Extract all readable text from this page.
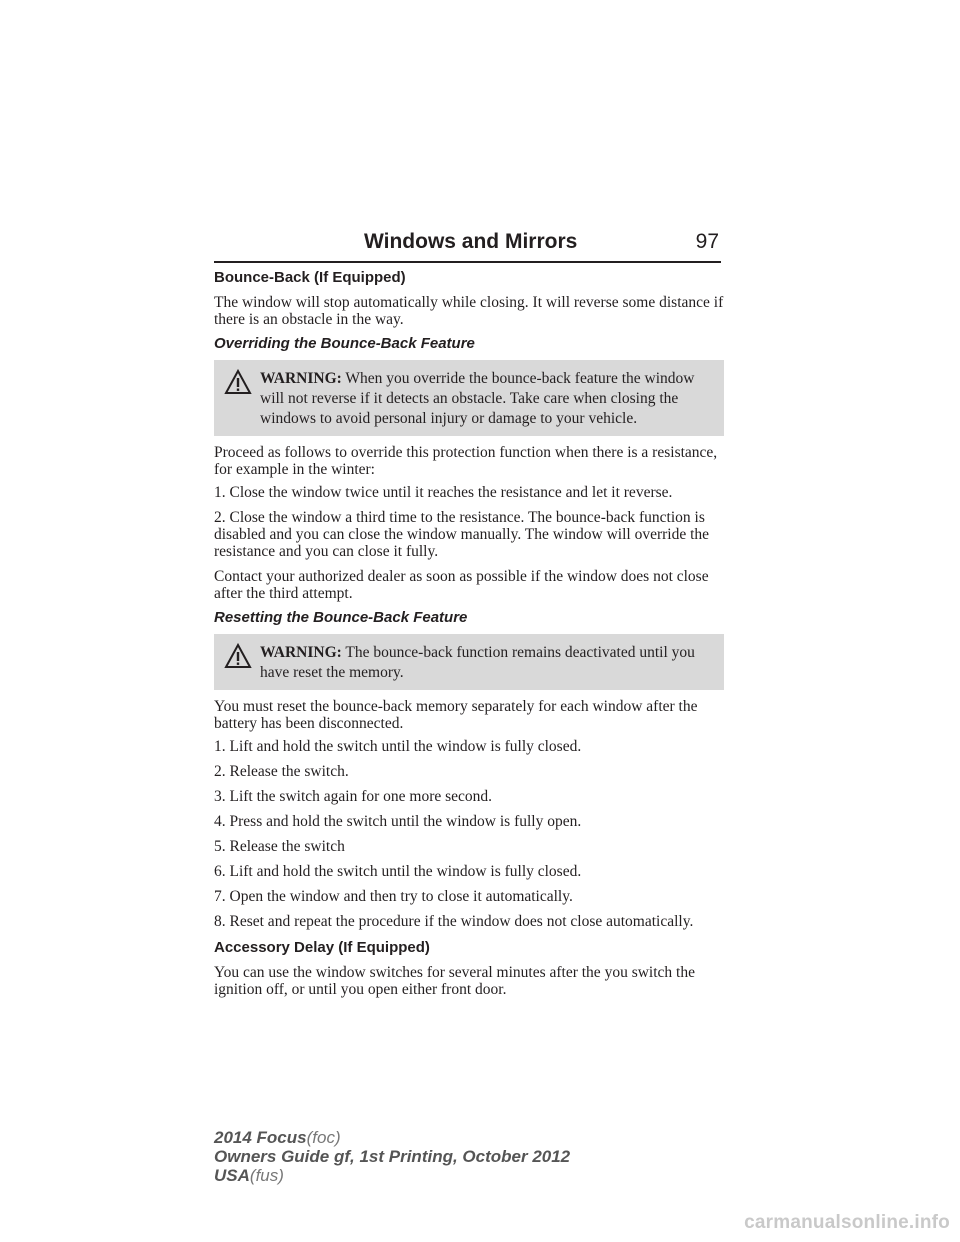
Windows and Mirrors	97
Bounce-Back (If Equipped)

The window will stop automatically while closing. It will reverse some distance if there is an obstacle in the way.

Overriding the Bounce-Back Feature
WARNING: When you override the bounce-back feature the window will not reverse if it detects an obstacle. Take care when closing the windows to avoid personal injury or damage to your vehicle.

Proceed as follows to override this protection function when there is a resistance, for example in the winter:

1. Close the window twice until it reaches the resistance and let it reverse.

2. Close the window a third time to the resistance. The bounce-back function is disabled and you can close the window manually. The window will override the resistance and you can close it fully.

Contact your authorized dealer as soon as possible if the window does not close after the third attempt.

Resetting the Bounce-Back Feature
WARNING: The bounce-back function remains deactivated until you have reset the memory.

You must reset the bounce-back memory separately for each window after the battery has been disconnected.

1. Lift and hold the switch until the window is fully closed.

2. Release the switch.

3. Lift the switch again for one more second.

4. Press and hold the switch until the window is fully open.

5. Release the switch

6. Lift and hold the switch until the window is fully closed.

7. Open the window and then try to close it automatically.

8. Reset and repeat the procedure if the window does not close automatically.

Accessory Delay (If Equipped)

You can use the window switches for several minutes after the you switch the ignition off, or until you open either front door.

2014 Focus(foc)
Owners Guide gf, 1st Printing, October 2012
USA(fus)
carmanualsonline.info
